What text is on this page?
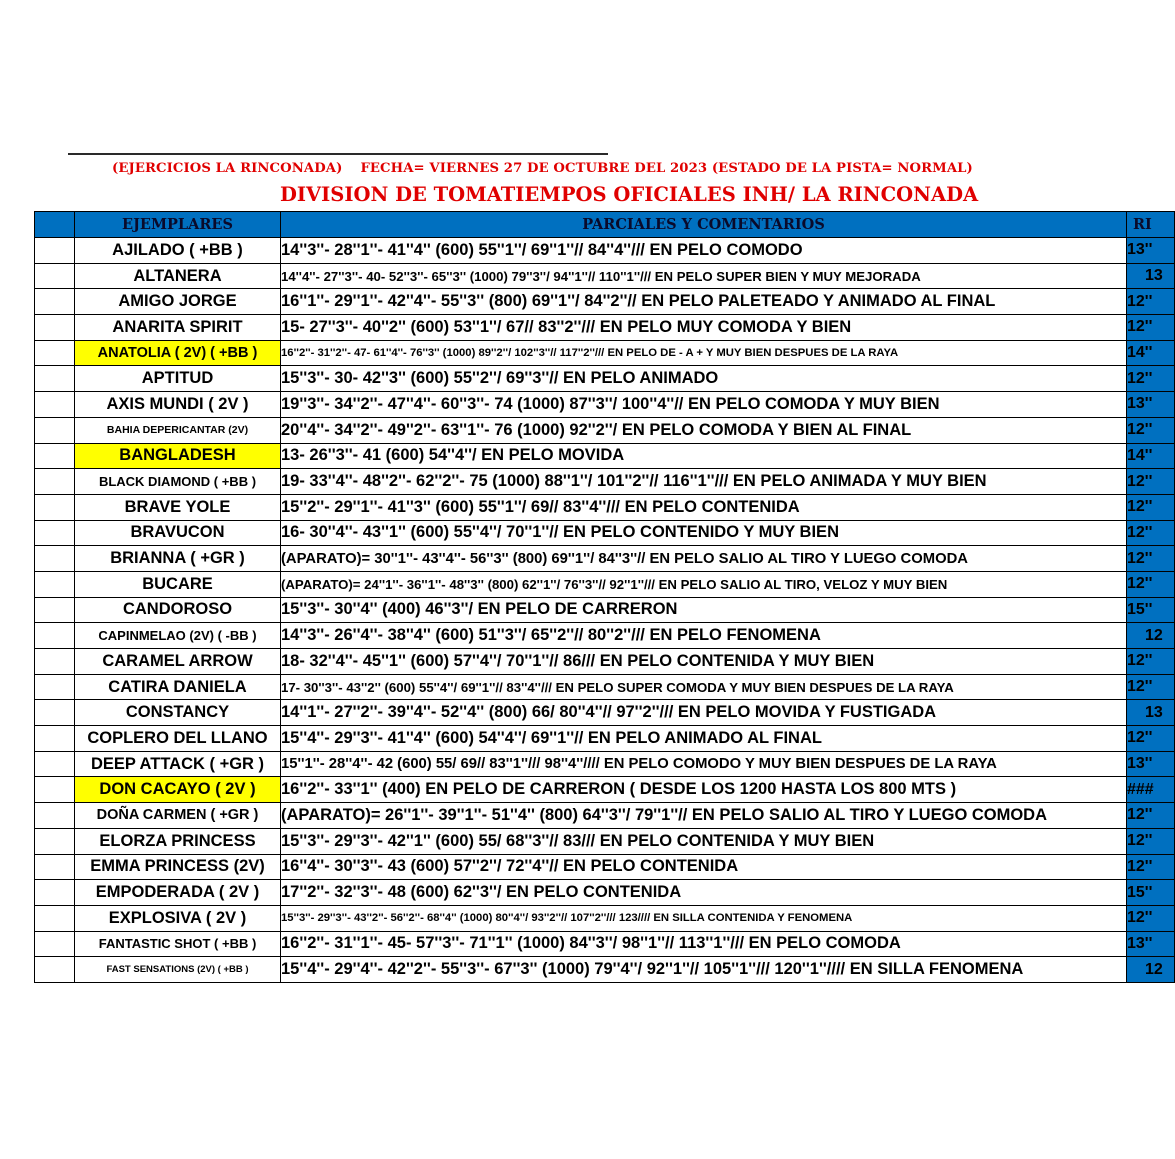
(EJERCICIOS LA RINCONADA) FECHA= VIERNES 27 DE OCTUBRE DEL 2023 (ESTADO DE LA PISTA= NORMAL)
DIVISION DE TOMATIEMPOS OFICIALES INH/ LA RINCONADA
	EJEMPLARES	PARCIALES Y COMENTARIOS	RI
	AJILADO ( +BB )	14''3''- 28''1''- 41''4'' (600) 55''1''/ 69''1''// 84''4''/// EN PELO COMODO	13''
	ALTANERA	14''4''- 27''3''- 40- 52''3''- 65''3'' (1000) 79''3''/ 94''1''// 110''1''/// EN PELO SUPER BIEN Y MUY MEJORADA	13
	AMIGO JORGE	16''1''- 29''1''- 42''4''- 55''3'' (800) 69''1''/ 84''2''// EN PELO PALETEADO Y ANIMADO AL FINAL	12''
	ANARITA SPIRIT	15- 27''3''- 40''2'' (600) 53''1''/ 67// 83''2''/// EN PELO MUY COMODA Y BIEN	12''
	ANATOLIA ( 2V) ( +BB )	16''2''- 31''2''- 47- 61''4''- 76''3'' (1000) 89''2''/ 102''3''// 117''2''/// EN PELO DE - A + Y MUY BIEN DESPUES DE LA RAYA	14''
	APTITUD	15''3''- 30- 42''3'' (600) 55''2''/ 69''3''// EN PELO ANIMADO	12''
	AXIS MUNDI ( 2V )	19''3''- 34''2''- 47''4''- 60''3''- 74 (1000) 87''3''/ 100''4''// EN PELO COMODA Y MUY BIEN	13''
	BAHIA DEPERICANTAR (2V)	20''4''- 34''2''- 49''2''- 63''1''- 76 (1000) 92''2''/ EN PELO COMODA Y BIEN AL FINAL	12''
	BANGLADESH	13- 26''3''- 41 (600) 54''4''/ EN PELO MOVIDA	14''
	BLACK DIAMOND ( +BB )	19- 33''4''- 48''2''- 62''2''- 75 (1000) 88''1''/ 101''2''// 116''1''/// EN PELO ANIMADA Y MUY BIEN	12''
	BRAVE YOLE	15''2''- 29''1''- 41''3'' (600) 55''1''/ 69// 83''4''/// EN PELO CONTENIDA	12''
	BRAVUCON	16- 30''4''- 43''1'' (600) 55''4''/ 70''1''// EN PELO CONTENIDO Y MUY BIEN	12''
	BRIANNA ( +GR )	(APARATO)= 30''1''- 43''4''- 56''3'' (800) 69''1''/ 84''3''// EN PELO SALIO AL TIRO Y LUEGO COMODA	12''
	BUCARE	(APARATO)= 24''1''- 36''1''- 48''3'' (800) 62''1''/ 76''3''// 92''1''/// EN PELO SALIO AL TIRO, VELOZ Y MUY BIEN	12''
	CANDOROSO	15''3''- 30''4'' (400) 46''3''/ EN PELO DE CARRERON	15''
	CAPINMELAO (2V) ( -BB )	14''3''- 26''4''- 38''4'' (600) 51''3''/ 65''2''// 80''2''/// EN PELO FENOMENA	12
	CARAMEL ARROW	18- 32''4''- 45''1'' (600) 57''4''/ 70''1''// 86/// EN PELO CONTENIDA Y MUY BIEN	12''
	CATIRA DANIELA	17- 30''3''- 43''2'' (600) 55''4''/ 69''1''// 83''4''/// EN PELO SUPER COMODA Y MUY BIEN DESPUES DE LA RAYA	12''
	CONSTANCY	14''1''- 27''2''- 39''4''- 52''4'' (800) 66/ 80''4''// 97''2''/// EN PELO MOVIDA Y FUSTIGADA	13
	COPLERO DEL LLANO	15''4''- 29''3''- 41''4'' (600) 54''4''/ 69''1''// EN PELO ANIMADO AL FINAL	12''
	DEEP ATTACK ( +GR )	15''1''- 28''4''- 42 (600) 55/ 69// 83''1''/// 98''4''//// EN PELO COMODO Y MUY BIEN DESPUES DE LA RAYA	13''
	DON CACAYO ( 2V )	16''2''- 33''1'' (400) EN PELO DE CARRERON ( DESDE LOS 1200 HASTA LOS 800 MTS )	###
	DOÑA CARMEN ( +GR )	(APARATO)= 26''1''- 39''1''- 51''4'' (800) 64''3''/ 79''1''// EN PELO SALIO AL TIRO Y LUEGO COMODA	12''
	ELORZA PRINCESS	15''3''- 29''3''- 42''1'' (600) 55/ 68''3''// 83/// EN PELO CONTENIDA Y MUY BIEN	12''
	EMMA PRINCESS (2V)	16''4''- 30''3''- 43 (600) 57''2''/ 72''4''// EN PELO CONTENIDA	12''
	EMPODERADA ( 2V )	17''2''- 32''3''- 48 (600) 62''3''/ EN PELO CONTENIDA	15''
	EXPLOSIVA ( 2V )	15''3''- 29''3''- 43''2''- 56''2''- 68''4'' (1000) 80''4''/ 93''2''// 107''2''/// 123//// EN SILLA CONTENIDA Y FENOMENA	12''
	FANTASTIC SHOT ( +BB )	16''2''- 31''1''- 45- 57''3''- 71''1'' (1000) 84''3''/ 98''1''// 113''1''/// EN PELO COMODA	13''
	FAST SENSATIONS (2V) ( +BB )	15''4''- 29''4''- 42''2''- 55''3''- 67''3'' (1000) 79''4''/ 92''1''// 105''1''/// 120''1''//// EN SILLA FENOMENA	12
